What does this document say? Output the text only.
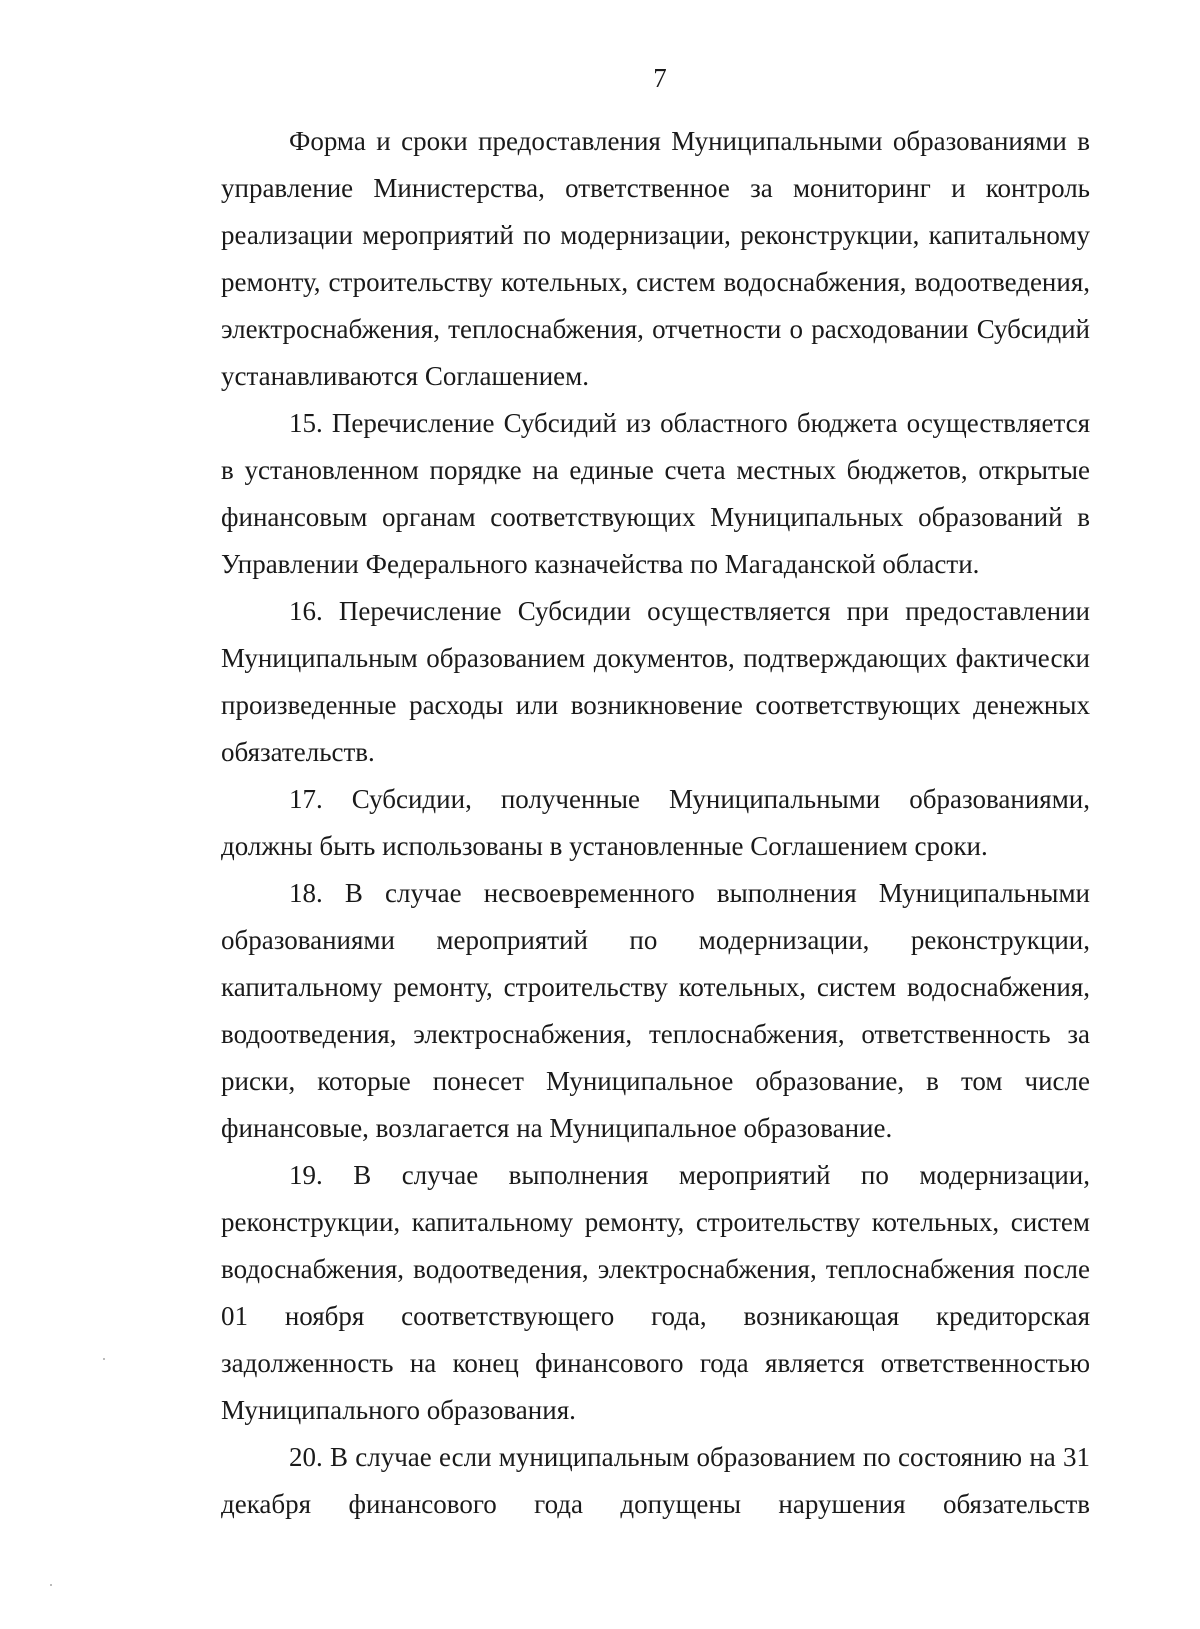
7

Форма и сроки предоставления Муниципальными образованиями в управление Министерства, ответственное за мониторинг и контроль реализации мероприятий по модернизации, реконструкции, капитальному ремонту, строительству котельных, систем водоснабжения, водоотведения, электроснабжения, теплоснабжения, отчетности о расходовании Субсидий устанавливаются Соглашением.

15. Перечисление Субсидий из областного бюджета осуществляется в установленном порядке на единые счета местных бюджетов, открытые финансовым органам соответствующих Муниципальных образований в Управлении Федерального казначейства по Магаданской области.

16. Перечисление Субсидии осуществляется при предоставлении Муниципальным образованием документов, подтверждающих фактически произведенные расходы или возникновение соответствующих денежных обязательств.

17. Субсидии, полученные Муниципальными образованиями, должны быть использованы в установленные Соглашением сроки.

18. В случае несвоевременного выполнения Муниципальными образованиями мероприятий по модернизации, реконструкции, капитальному ремонту, строительству котельных, систем водоснабжения, водоотведения, электроснабжения, теплоснабжения, ответственность за риски, которые понесет Муниципальное образование, в том числе финансовые, возлагается на Муниципальное образование.

19. В случае выполнения мероприятий по модернизации, реконструкции, капитальному ремонту, строительству котельных, систем водоснабжения, водоотведения, электроснабжения, теплоснабжения после 01 ноября соответствующего года, возникающая кредиторская задолженность на конец финансового года является ответственностью Муниципального образования.

20. В случае если муниципальным образованием по состоянию на 31 декабря финансового года допущены нарушения обязательств
